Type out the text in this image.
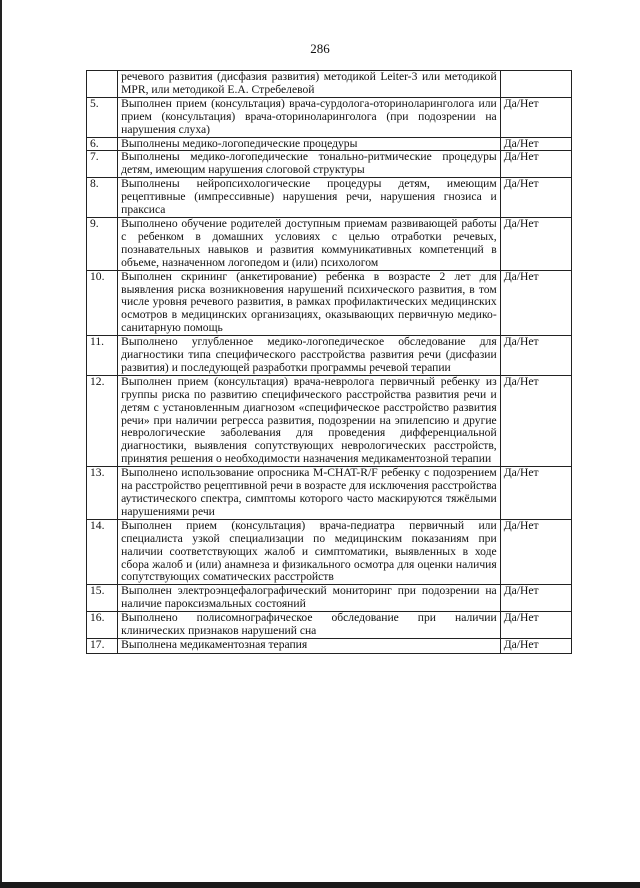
286
	речевого развития (дисфазия развития) методикой Leiter-3 или методикой MPR, или методикой Е.А. Стребелевой	
5.	Выполнен прием (консультация) врача-сурдолога-оториноларинголога или прием (консультация) врача-оториноларинголога (при подозрении на нарушения слуха)	Да/Нет
6.	Выполнены медико-логопедические процедуры	Да/Нет
7.	Выполнены медико-логопедические тонально-ритмические процедуры детям, имеющим нарушения слоговой структуры	Да/Нет
8.	Выполнены нейропсихологические процедуры детям, имеющим рецептивные (импрессивные) нарушения речи, нарушения гнозиса и праксиса	Да/Нет
9.	Выполнено обучение родителей доступным приемам развивающей работы с ребенком в домашних условиях с целью отработки речевых, познавательных навыков и развития коммуникативных компетенций в объеме, назначенном логопедом и (или) психологом	Да/Нет
10.	Выполнен скрининг (анкетирование) ребенка в возрасте 2 лет для выявления риска возникновения нарушений психического развития, в том числе уровня речевого развития, в рамках профилактических медицинских осмотров в медицинских организациях, оказывающих первичную медико-санитарную помощь	Да/Нет
11.	Выполнено углубленное медико-логопедическое обследование для диагностики типа специфического расстройства развития речи (дисфазии развития) и последующей разработки программы речевой терапии	Да/Нет
12.	Выполнен прием (консультация) врача-невролога первичный ребенку из группы риска по развитию специфического расстройства развития речи и детям с установленным диагнозом «специфическое расстройство развития речи» при наличии регресса развития, подозрении на эпилепсию и другие неврологические заболевания для проведения дифференциальной диагностики, выявления сопутствующих неврологических расстройств, принятия решения о необходимости назначения медикаментозной терапии	Да/Нет
13.	Выполнено использование опросника M-CHAT-R/F ребенку с подозрением на расстройство рецептивной речи в возрасте для исключения расстройства аутистического спектра, симптомы которого часто маскируются тяжёлыми нарушениями речи	Да/Нет
14.	Выполнен прием (консультация) врача-педиатра первичный или специалиста узкой специализации по медицинским показаниям при наличии соответствующих жалоб и симптоматики, выявленных в ходе сбора жалоб и (или) анамнеза и физикального осмотра для оценки наличия сопутствующих соматических расстройств	Да/Нет
15.	Выполнен электроэнцефалографический мониторинг при подозрении на наличие пароксизмальных состояний	Да/Нет
16.	Выполнено полисомнографическое обследование при наличии клинических признаков нарушений сна	Да/Нет
17.	Выполнена медикаментозная терапия	Да/Нет
